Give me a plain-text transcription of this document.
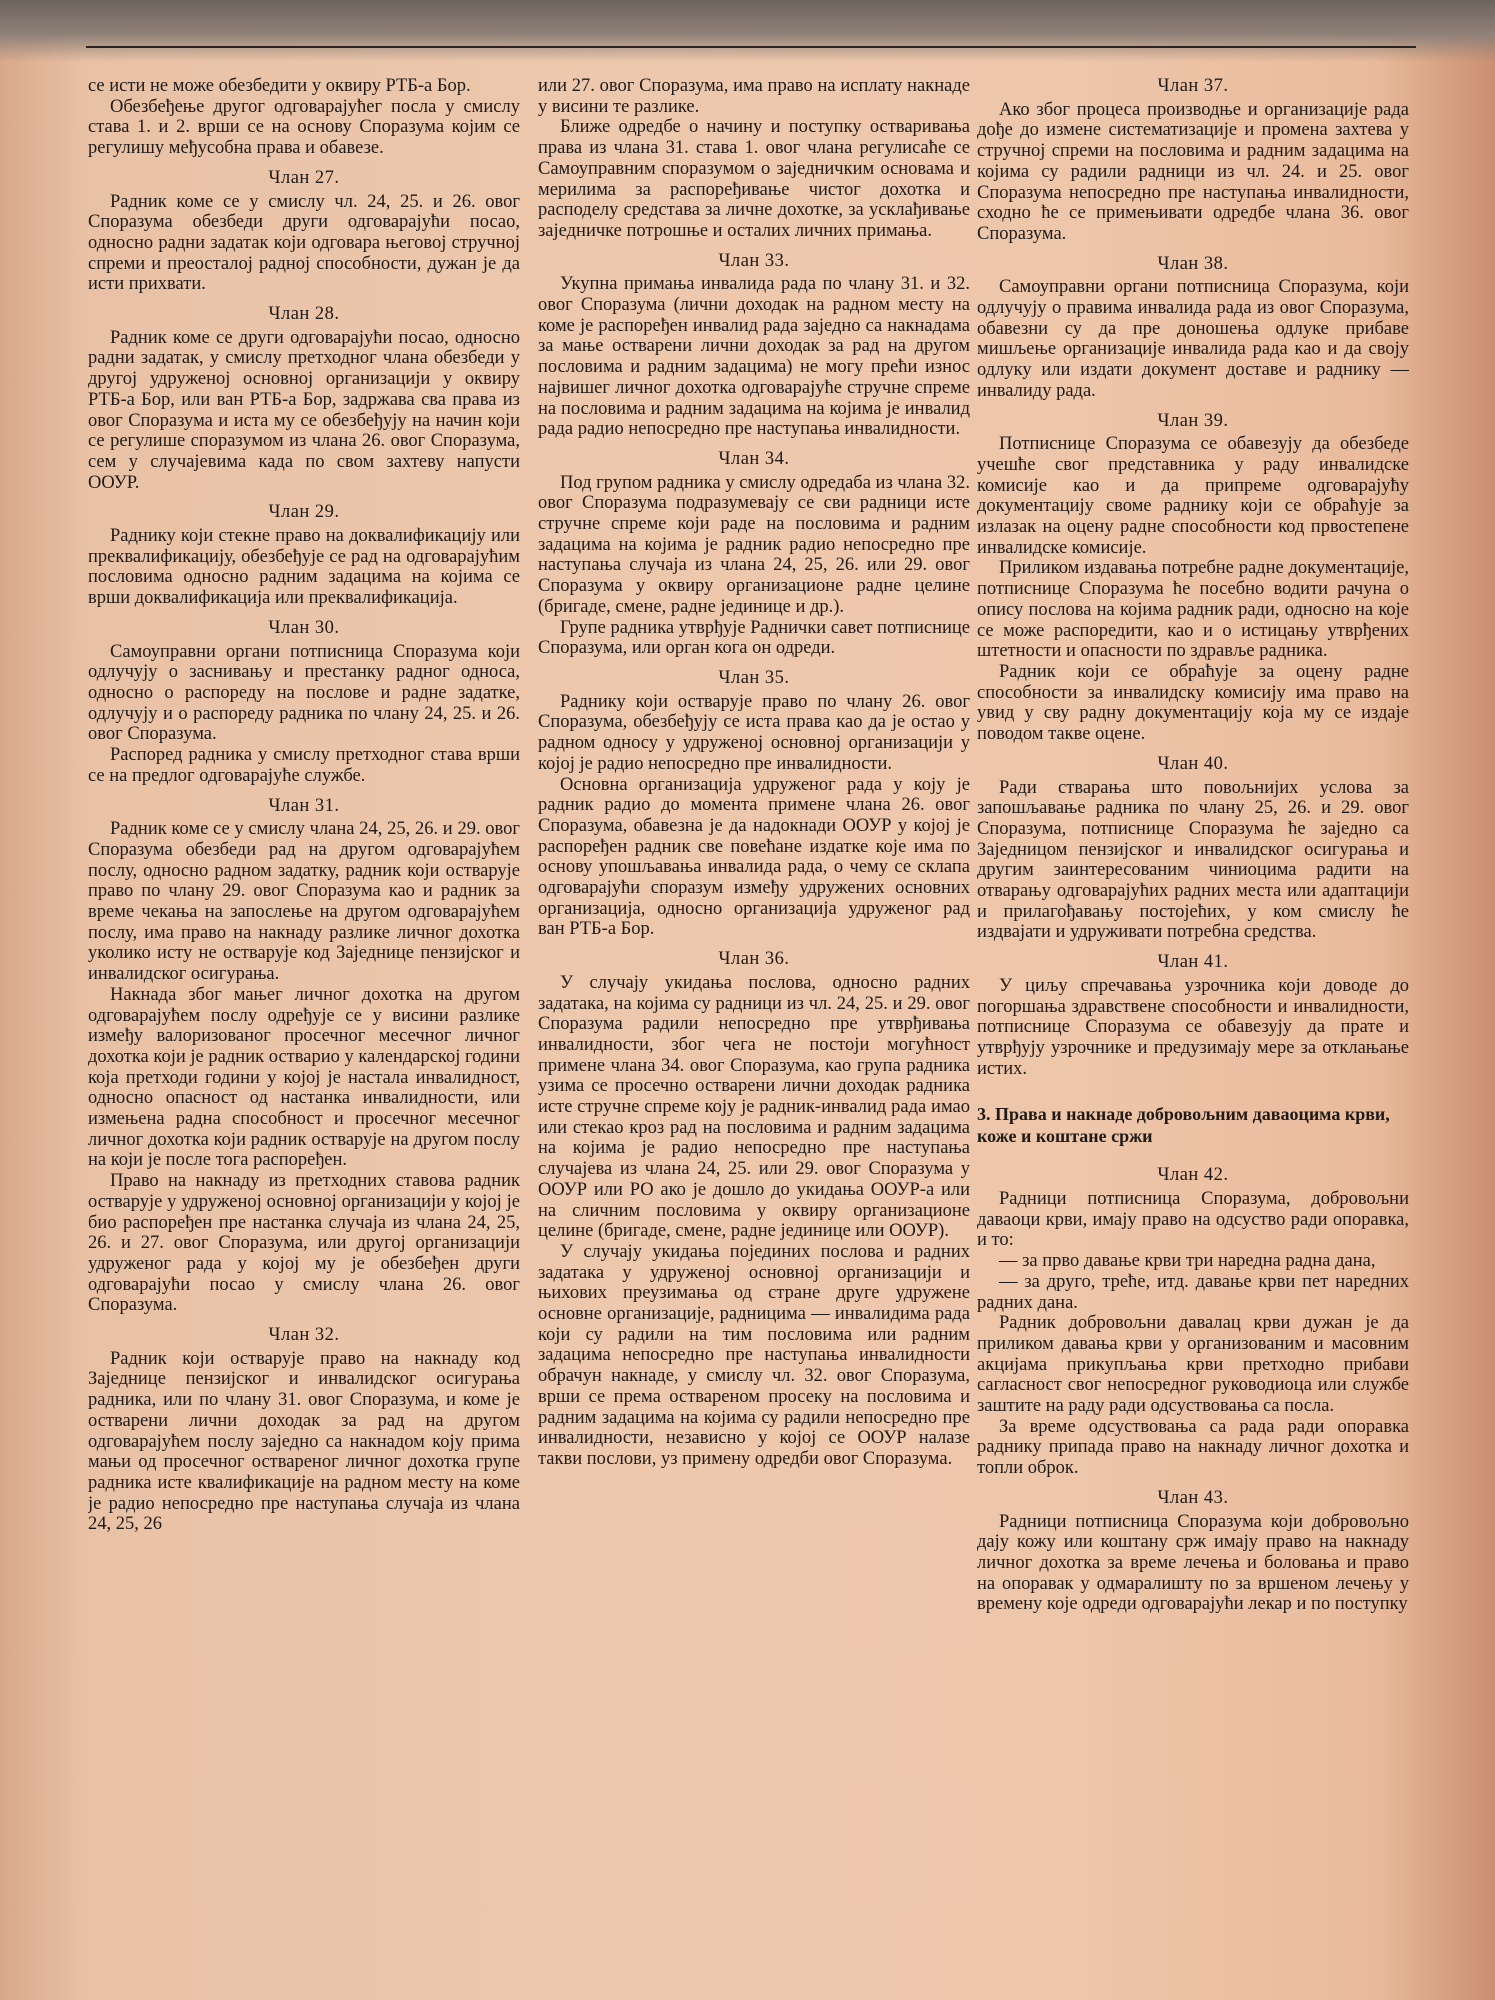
се исти не може обезбедити у оквиру РТБ-а Бор.

Обезбеђење другог одговарајућег посла у смислу става 1. и 2. врши се на основу Споразума којим се регулишу међусобна права и обавезе.

Члан 27.

Радник коме се у смислу чл. 24, 25. и 26. овог Споразума обезбеди други одговарајући посао, односно радни задатак који одговара његовој стручној спреми и преосталој радној способности, дужан је да исти прихвати.

Члан 28.

Радник коме се други одговарајући посао, односно радни задатак, у смислу претходног члана обезбеди у другој удруженој основној организацији у оквиру РТБ-а Бор, или ван РТБ-а Бор, задржава сва права из овог Споразума и иста му се обезбеђују на начин који се регулише споразумом из члана 26. овог Споразума, сем у случајевима када по свом захтеву напусти ООУР.

Члан 29.

Раднику који стекне право на доквалификацију или преквалификацију, обезбеђује се рад на одговарајућим пословима односно радним задацима на којима се врши доквалификација или преквалификација.

Члан 30.

Самоуправни органи потписница Споразума који одлучују о заснивању и престанку радног односа, односно о распореду на послове и радне задатке, одлучују и о распореду радника по члану 24, 25. и 26. овог Споразума.

Распоред радника у смислу претходног става врши се на предлог одговарајуће службе.

Члан 31.

Радник коме се у смислу члана 24, 25, 26. и 29. овог Споразума обезбеди рад на другом одговарајућем послу, односно радном задатку, радник који остварује право по члану 29. овог Споразума као и радник за време чекања на запослење на другом одговарајућем послу, има право на накнаду разлике личног дохотка уколико исту не остварује код Заједнице пензијског и инвалидског осигурања.

Накнада због мањег личног дохотка на другом одговарајућем послу одређује се у висини разлике између валоризованог просечног месечног личног дохотка који је радник остварио у календарској години која претходи години у којој је настала инвалидност, односно опасност од настанка инвалидности, или измењена радна способност и просечног месечног личног дохотка који радник остварује на другом послу на који је после тога распоређен.

Право на накнаду из претходних ставова радник остварује у удруженој основној организацији у којој је био распоређен пре настанка случаја из члана 24, 25, 26. и 27. овог Споразума, или другој организацији удруженог рада у којој му је обезбеђен други одговарајући посао у смислу члана 26. овог Споразума.

Члан 32.

Радник који остварује право на накнаду код Заједнице пензијског и инвалидског осигурања радника, или по члану 31. овог Споразума, и коме је остварени лични доходак за рад на другом одговарајућем послу заједно са накнадом коју прима мањи од просечног оствареног личног дохотка групе радника исте квалификације на радном месту на коме је радио непосредно пре наступања случаја из члана 24, 25, 26

или 27. овог Споразума, има право на исплату накнаде у висини те разлике.

Ближе одредбе о начину и поступку остваривања права из члана 31. става 1. овог члана регулисаће се Самоуправним споразумом о заједничким основама и мерилима за распоређивање чистог дохотка и расподелу средстава за личне дохотке, за усклађивање заједничке потрошње и осталих личних примања.

Члан 33.

Укупна примања инвалида рада по члану 31. и 32. овог Споразума (лични доходак на радном месту на коме је распоређен инвалид рада заједно са накнадама за мање остварени лични доходак за рад на другом пословима и радним задацима) не могу прећи износ највишег личног дохотка одговарајуће стручне спреме на пословима и радним задацима на којима је инвалид рада радио непосредно пре наступања инвалидности.

Члан 34.

Под групом радника у смислу одредаба из члана 32. овог Споразума подразумевају се сви радници исте стручне спреме који раде на пословима и радним задацима на којима је радник радио непосредно пре наступања случаја из члана 24, 25, 26. или 29. овог Споразума у оквиру организационе радне целине (бригаде, смене, радне јединице и др.).

Групе радника утврђује Раднички савет потписнице Споразума, или орган кога он одреди.

Члан 35.

Раднику који остварује право по члану 26. овог Споразума, обезбеђују се иста права као да је остао у радном односу у удруженој основној организацији у којој је радио непосредно пре инвалидности.

Основна организација удруженог рада у коју је радник радио до момента примене члана 26. овог Споразума, обавезна је да надокнади ООУР у којој је распоређен радник све повећане издатке које има по основу упошљавања инвалида рада, о чему се склапа одговарајући споразум између удружених основних организација, односно организација удруженог рад ван РТБ-а Бор.

Члан 36.

У случају укидања послова, односно радних задатака, на којима су радници из чл. 24, 25. и 29. овог Споразума радили непосредно пре утврђивања инвалидности, због чега не постоји могућност примене члана 34. овог Споразума, као група радника узима се просечно остварени лични доходак радника исте стручне спреме коју је радник-инвалид рада имао или стекао кроз рад на пословима и радним задацима на којима је радио непосредно пре наступања случајева из члана 24, 25. или 29. овог Споразума у ООУР или РО ако је дошло до укидања ООУР-а или на сличним пословима у оквиру организационе целине (бригаде, смене, радне јединице или ООУР).

У случају укидања појединих послова и радних задатака у удруженој основној организацији и њихових преузимања од стране друге удружене основне организације, радницима — инвалидима рада који су радили на тим пословима или радним задацима непосредно пре наступања инвалидности обрачун накнаде, у смислу чл. 32. овог Споразума, врши се према оствареном просеку на пословима и радним задацима на којима су радили непосредно пре инвалидности, независно у којој се ООУР налазе такви послови, уз примену одредби овог Споразума.

Члан 37.

Ако због процеса производње и организације рада дође до измене систематизације и промена захтева у стручној спреми на пословима и радним задацима на којима су радили радници из чл. 24. и 25. овог Споразума непосредно пре наступања инвалидности, сходно ће се примењивати одредбе члана 36. овог Споразума.

Члан 38.

Самоуправни органи потписница Споразума, који одлучују о правима инвалида рада из овог Споразума, обавезни су да пре доношења одлуке прибаве мишљење организације инвалида рада као и да своју одлуку или издати документ доставе и раднику — инвалиду рада.

Члан 39.

Потписнице Споразума се обавезују да обезбеде учешће свог представника у раду инвалидске комисије као и да припреме одговарајућу документацију своме раднику који се обраћује за излазак на оцену радне способности код првостепене инвалидске комисије.

Приликом издавања потребне радне документације, потписнице Споразума ће посебно водити рачуна о опису послова на којима радник ради, односно на које се може распоредити, као и о истицању утврђених штетности и опасности по здравље радника.

Радник који се обраћује за оцену радне способности за инвалидску комисију има право на увид у сву радну документацију која му се издаје поводом такве оцене.

Члан 40.

Ради стварања што повољнијих услова за запошљавање радника по члану 25, 26. и 29. овог Споразума, потписнице Споразума ће заједно са Заједницом пензијског и инвалидског осигурања и другим заинтересованим чиниоцима радити на отварању одговарајућих радних места или адаптацији и прилагођавању постојећих, у ком смислу ће издвајати и удруживати потребна средства.

Члан 41.

У циљу спречавања узрочника који доводе до погоршања здравствене способности и инвалидности, потписнице Споразума се обавезују да прате и утврђују узрочнике и предузимају мере за отклањање истих.

3. Права и накнаде добровољним даваоцима крви, коже и коштане сржи
Члан 42.

Радници потписница Споразума, добровољни даваоци крви, имају право на одсуство ради опоравка, и то:

— за прво давање крви три наредна радна дана,

— за друго, треће, итд. давање крви пет наредних радних дана.

Радник добровољни давалац крви дужан је да приликом давања крви у организованим и масовним акцијама прикупљања крви претходно прибави сагласност свог непосредног руководиоца или службе заштите на раду ради одсуствовања са посла.

За време одсуствовања са рада ради опоравка раднику припада право на накнаду личног дохотка и топли оброк.

Члан 43.

Радници потписница Споразума који добровољно дају кожу или коштану срж имају право на накнаду личног дохотка за време лечења и боловања и право на опоравак у одмаралишту по за вршеном лечењу у времену које одреди одговарајући лекар и по поступку
